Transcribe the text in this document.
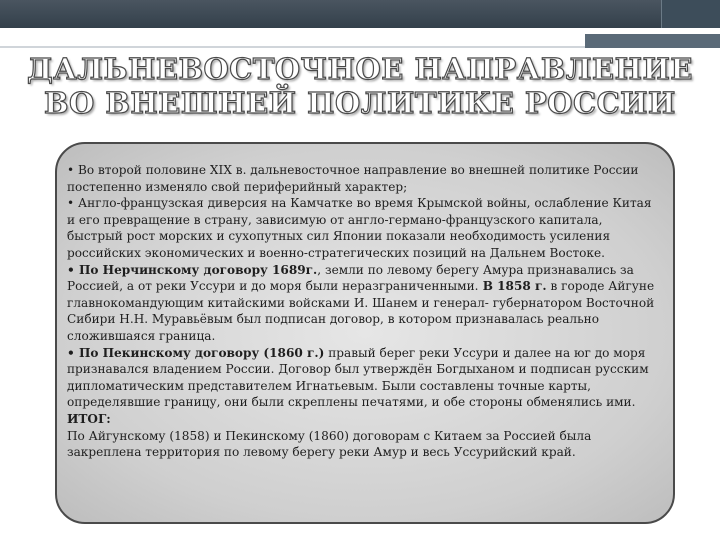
ДАЛЬНЕВОСТОЧНОЕ НАПРАВЛЕНИЕ
ВО ВНЕШНЕЙ ПОЛИТИКЕ РОССИИ

• Во второй половине XIX в. дальневосточное направление во внешней политике России постепенно изменяло свой периферийный характер;

• Англо-французская диверсия на Камчатке во время Крымской войны, ослабление Китая и его превращение в страну, зависимую от англо-германо-французского капитала, быстрый рост морских и сухопутных сил Японии показали необходимость усиления российских экономических и военно-стратегических позиций на Дальнем Востоке.

• По Нерчинскому договору 1689г., земли по левому берегу Амура признавались за Россией, а от реки Уссури и до моря были неразграниченными. В 1858 г. в городе Айгуне главнокомандующим китайскими войсками И. Шанем и генерал- губернатором Восточной Сибири Н.Н. Муравьёвым был подписан договор, в котором признавалась реально сложившаяся граница.

• По Пекинскому договору (1860 г.) правый берег реки Уссури и далее на юг до моря признавался владением России. Договор был утверждён Богдыханом и подписан русским дипломатическим представителем Игнатьевым. Были составлены точные карты, определявшие границу, они были скреплены печатями, и обе стороны обменялись ими.

ИТОГ:

По Айгунскому (1858) и Пекинскому (1860) договорам с Китаем за Россией была закреплена территория по левому берегу реки Амур и весь Уссурийский край.
